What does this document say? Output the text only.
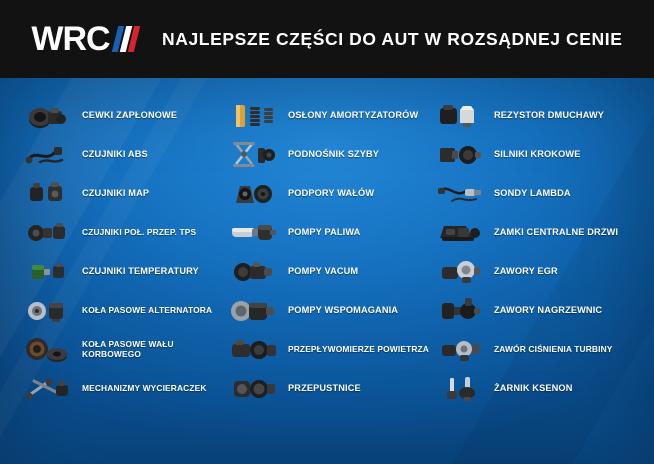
WRC	NAJLEPSZE CZĘŚCI DO AUT W ROZSĄDNEJ CENIE
CEWKI ZAPŁONOWE	OSŁONY AMORTYZATORÓW	REZYSTOR DMUCHAWY
CZUJNIKI ABS	PODNOŚNIK SZYBY	SILNIKI KROKOWE
CZUJNIKI MAP	PODPORY WAŁÓW	SONDY LAMBDA
CZUJNIKI POŁ. PRZEP. TPS	POMPY PALIWA	ZAMKI CENTRALNE DRZWI
CZUJNIKI TEMPERATURY	POMPY VACUM	ZAWORY EGR
KOŁA PASOWE ALTERNATORA	POMPY WSPOMAGANIA	ZAWORY NAGRZEWNIC
KOŁA PASOWE WAŁU KORBOWEGO	PRZEPŁYWOMIERZE POWIETRZA	ZAWÓR CIŚNIENIA TURBINY
MECHANIZMY WYCIERACZEK	PRZEPUSTNICE	ŻARNIK KSENON
